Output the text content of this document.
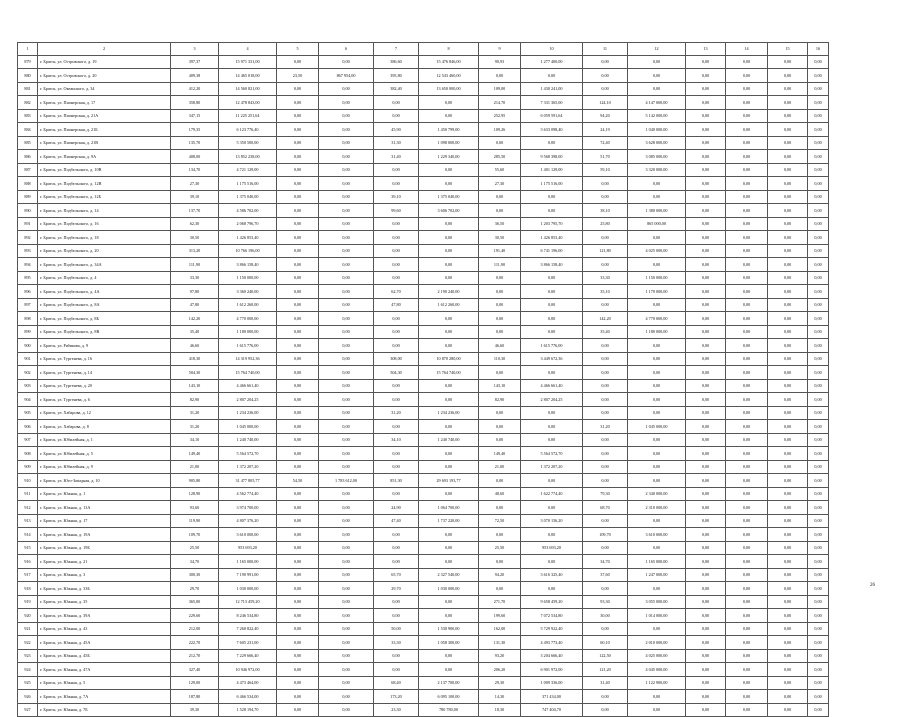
1	2	3	4	5	6	7	8	9	10	11	12	13	14	15	16
879	г. Братск, ул. Островского, д. 19	397,37	15 971 331,00	0,00	0,00	386,60	15 476 846,00	90,93	1 277 400,00	0,00	0,00	0,00	0,00	0,00	0,00
880	г. Братск, ул. Островского, д. 20	409,38	14 465 018,00	23,50	867 954,00	395,80	12 543 460,00	0,00	0,00	0,00	0,00	0,00	0,00	0,00	0,00
881	г. Братск, ул. Океанского, д. 34	412,20	14 560 821,00	0,00	0,00	382,40	13 650 000,00	109,00	1 430 241,00	0,00	0,00	0,00	0,00	0,00	0,00
882	г. Братск, ул. Пионерская, д. 17	358,80	12 478 843,00	0,00	0,00	0,00	0,00	214,70	7 331 365,00	124,10	4 147 000,00	0,00	0,00	0,00	0,00
883	г. Братск, ул. Пионерская, д. 21А	347,15	11 225 251,64	0,00	0,00	0,00	0,00	252,95	6 059 591,64	94,20	5 142 000,00	0,00	0,00	0,00	0,00
884	г. Братск, ул. Пионерская, д. 21Б	179,35	6 123 776,40	0,00	0,00	45,90	1 450 799,00	109,26	3 633 098,40	24,19	1 040 000,00	0,00	0,00	0,00	0,00
885	г. Братск, ул. Пионерская, д. 21В	135,70	5 350 500,00	0,00	0,00	31,30	1 098 000,00	0,00	0,00	72,40	3 628 000,00	0,00	0,00	0,00	0,00
886	г. Братск, ул. Пионерская, д. 9А	408,00	13 852 238,00	0,00	0,00	31,40	1 229 340,00	285,50	9 568 398,00	51,70	3 085 000,00	0,00	0,00	0,00	0,00
887	г. Братск, ул. Подбельского, д. 10В	134,70	4 721 129,00	0,00	0,00	0,00	0,00	55,60	1 401 129,00	59,10	3 320 000,00	0,00	0,00	0,00	0,00
888	г. Братск, ул. Подбельского, д. 12В	27,30	1 175 516,00	0,00	0,00	0,00	0,00	27,30	1 175 516,00	0,00	0,00	0,00	0,00	0,00	0,00
889	г. Братск, ул. Подбельского, д. 12Б	39,10	1 375 040,00	0,00	0,00	39,10	1 375 040,00	0,00	0,00	0,00	0,00	0,00	0,00	0,00	0,00
890	г. Братск, ул. Подбельского, д. 14	137,70	4 586 702,00	0,00	0,00	99,60	3 606 702,00	0,00	0,00	38,10	1 380 000,00	0,00	0,00	0,00	0,00
891	г. Братск, ул. Подбельского, д. 16	62,30	2 068 796,70	0,00	0,00	0,00	0,00	36,50	1 203 795,70	25,80	865 000,00	0,00	0,00	0,00	0,00
892	г. Братск, ул. Подбельского, д. 18	30,50	1 426 853,40	0,00	0,00	0,00	0,00	30,50	1 426 853,40	0,00	0,00	0,00	0,00	0,00	0,00
893	г. Братск, ул. Подбельского, д. 20	313,20	10 766 196,00	0,00	0,00	0,00	0,00	191,40	6 741 196,00	121,80	4 025 000,00	0,00	0,00	0,00	0,00
894	г. Братск, ул. Подбельского, д. 34А	111,90	3 866 158,40	0,00	0,00	0,00	0,00	111,90	3 866 158,40	0,00	0,00	0,00	0,00	0,00	0,00
895	г. Братск, ул. Подбельского, д. 4	33,30	1 150 000,00	0,00	0,00	0,00	0,00	0,00	0,00	33,30	1 150 000,00	0,00	0,00	0,00	0,00
896	г. Братск, ул. Подбельского, д. 4А	97,80	3 360 240,00	0,00	0,00	62,70	2 190 240,00	0,00	0,00	35,10	1 170 000,00	0,00	0,00	0,00	0,00
897	г. Братск, ул. Подбельского, д. 8А	47,80	1 612 260,00	0,00	0,00	47,80	1 612 260,00	0,00	0,00	0,00	0,00	0,00	0,00	0,00	0,00
898	г. Братск, ул. Подбельского, д. 8Б	142,20	4 770 000,00	0,00	0,00	0,00	0,00	0,00	0,00	142,20	4 770 000,00	0,00	0,00	0,00	0,00
899	г. Братск, ул. Подбельского, д. 8В	35,40	1 180 000,00	0,00	0,00	0,00	0,00	0,00	0,00	35,40	1 180 000,00	0,00	0,00	0,00	0,00
900	г. Братск, ул. Рябикова, д. 9	46,60	1 615 776,00	0,00	0,00	0,00	0,00	46,60	1 615 776,00	0,00	0,00	0,00	0,00	0,00	0,00
901	г. Братск, ул. Тургенева, д. 16	418,30	14 319 952,36	0,00	0,00	308,00	10 870 280,00	110,30	3 449 672,36	0,00	0,00	0,00	0,00	0,00	0,00
902	г. Братск, ул. Тургенева, д. 14	504,30	15 764 740,00	0,00	0,00	504,30	15 764 740,00	0,00	0,00	0,00	0,00	0,00	0,00	0,00	0,00
903	г. Братск, ул. Тургенева, д. 20	143,10	4 466 661,40	0,00	0,00	0,00	0,00	143,10	4 466 661,40	0,00	0,00	0,00	0,00	0,00	0,00
904	г. Братск, ул. Тургенева, д. 6	82,90	2 807 204,25	0,00	0,00	0,00	0,00	82,90	2 807 204,25	0,00	0,00	0,00	0,00	0,00	0,00
905	г. Братск, ул. Хабарова, д. 12	31,20	1 234 236,00	0,00	0,00	31,20	1 234 236,00	0,00	0,00	0,00	0,00	0,00	0,00	0,00	0,00
906	г. Братск, ул. Хабарова, д. 8	31,20	1 045 000,00	0,00	0,00	0,00	0,00	0,00	0,00	31,20	1 045 000,00	0,00	0,00	0,00	0,00
907	г. Братск, ул. Юбилейная, д. 1	34,10	1 240 740,00	0,00	0,00	34,10	1 240 740,00	0,00	0,00	0,00	0,00	0,00	0,00	0,00	0,00
908	г. Братск, ул. Юбилейная, д. 5	149,40	5 564 572,70	0,00	0,00	0,00	0,00	149,40	5 564 572,70	0,00	0,00	0,00	0,00	0,00	0,00
909	г. Братск, ул. Юбилейная, д. 9	21,00	1 372 207,20	0,00	0,00	0,00	0,00	21,00	1 372 207,20	0,00	0,00	0,00	0,00	0,00	0,00
910	г. Братск, ул. Юго-Западная, д. 10	905,80	31 477 805,77	54,50	1 783 612,00	851,30	29 693 193,77	0,00	0,00	0,00	0,00	0,00	0,00	0,00	0,00
911	г. Братск, ул. Южная, д. 1	128,90	4 562 774,40	0,00	0,00	0,00	0,00	48,60	1 622 774,40	79,30	2 340 000,00	0,00	0,00	0,00	0,00
912	г. Братск, ул. Южная, д. 13А	93,60	3 974 700,00	0,00	0,00	24,90	1 064 700,00	0,00	0,00	68,70	2 310 000,00	0,00	0,00	0,00	0,00
913	г. Братск, ул. Южная, д. 17	119,90	4 807 376,20	0,00	0,00	47,40	1 737 220,00	72,50	3 070 156,20	0,00	0,00	0,00	0,00	0,00	0,00
914	г. Братск, ул. Южная, д. 19А	109,70	3 610 000,00	0,00	0,00	0,00	0,00	0,00	0,00	109,70	3 610 000,00	0,00	0,00	0,00	0,00
915	г. Братск, ул. Южная, д. 19Б	25,50	953 693,20	0,00	0,00	0,00	0,00	25,50	953 693,20	0,00	0,00	0,00	0,00	0,00	0,00
916	г. Братск, ул. Южная, д. 21	34,70	1 165 000,00	0,00	0,00	0,00	0,00	0,00	0,00	34,70	1 165 000,00	0,00	0,00	0,00	0,00
917	г. Братск, ул. Южная, д. 3	300,30	7 190 991,00	0,00	0,00	65,70	2 327 540,00	94,20	3 616 325,40	37,60	1 247 000,00	0,00	0,00	0,00	0,00
918	г. Братск, ул. Южная, д. 33Б	29,70	1 030 000,00	0,00	0,00	29,70	1 030 000,00	0,00	0,00	0,00	0,00	0,00	0,00	0,00	0,00
919	г. Братск, ул. Южная, д. 35	365,00	12 713 459,20	0,00	0,00	0,00	0,00	271,70	9 658 459,20	93,30	3 055 000,00	0,00	0,00	0,00	0,00
920	г. Братск, ул. Южная, д. 39А	229,60	8 246 534,80	0,00	0,00	0,00	0,00	199,60	7 072 534,80	30,00	1 014 000,00	0,00	0,00	0,00	0,00
921	г. Братск, ул. Южная, д. 43	212,00	7 260 822,40	0,00	0,00	50,00	1 530 900,00	162,00	5 729 922,40	0,00	0,00	0,00	0,00	0,00	0,00
922	г. Братск, ул. Южная, д. 45А	222,70	7 605 231,00	0,00	0,00	33,30	1 058 300,00	131,30	4 493 773,40	60,10	2 010 000,00	0,00	0,00	0,00	0,00
923	г. Братск, ул. Южная, д. 45Б	212,70	7 229 666,40	0,00	0,00	0,00	0,00	93,20	3 204 666,40	122,50	4 025 000,00	0,00	0,00	0,00	0,00
924	г. Братск, ул. Южная, д. 47А	327,40	10 946 972,00	0,00	0,00	0,00	0,00	206,20	6 901 972,00	121,20	4 045 000,00	0,00	0,00	0,00	0,00
925	г. Братск, ул. Южная, д. 5	129,00	4 473 464,00	0,00	0,00	68,40	2 137 700,00	29,30	1 009 336,00	31,40	1 122 900,00	0,00	0,00	0,00	0,00
926	г. Братск, ул. Южная, д. 7А	187,80	6 466 534,00	0,00	0,00	173,20	6 095 100,00	14,30	371 434,00	0,00	0,00	0,00	0,00	0,00	0,00
927	г. Братск, ул. Южная, д. 7Б	39,30	1 528 194,70	0,00	0,00	23,30	780 780,00	18,30	747 404,70	0,00	0,00	0,00	0,00	0,00	0,00
26
